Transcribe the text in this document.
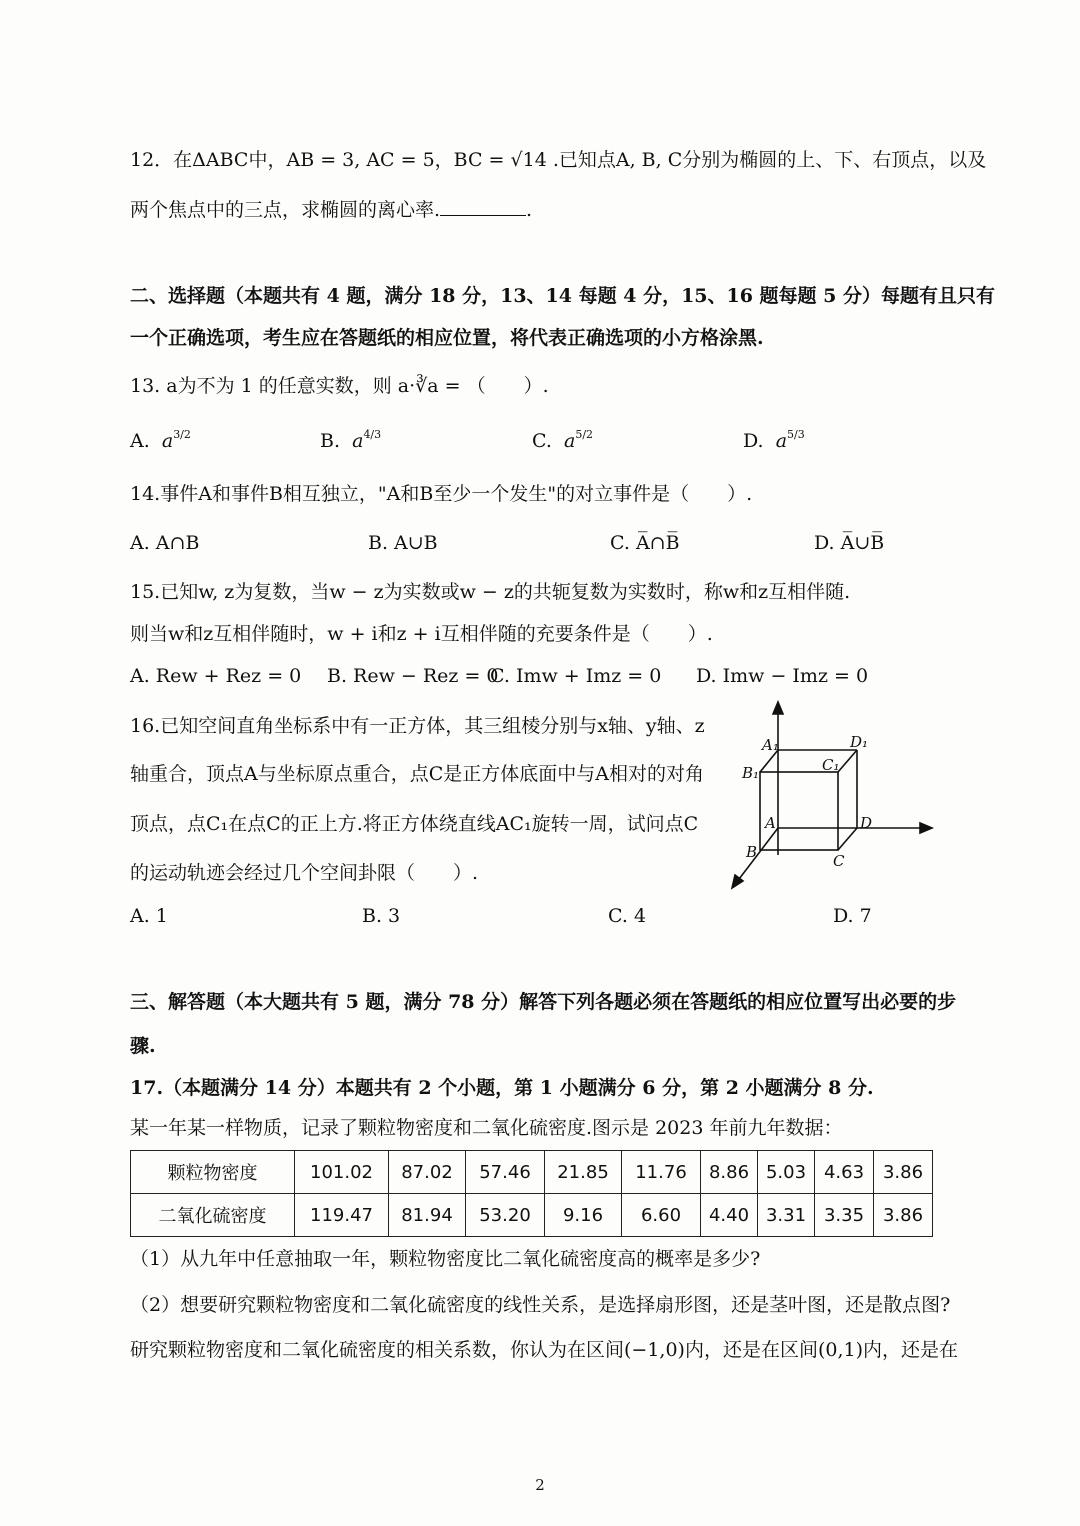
12．在ΔABC中，AB = 3, AC = 5，BC = √14 .已知点A, B, C分别为椭圆的上、下、右顶点，以及
两个焦点中的三点，求椭圆的离心率.	.
二、选择题（本题共有 4 题，满分 18 分，13、14 每题 4 分，15、16 题每题 5 分）每题有且只有
一个正确选项，考生应在答题纸的相应位置，将代表正确选项的小方格涂黑.
13. a为不为 1 的任意实数，则 a·∛a = （　　）.
A. $a^{3/2}$	B. $a^{4/3}$	C. $a^{5/2}$	D. $a^{5/3}$
14.事件A和事件B相互独立，"A和B至少一个发生"的对立事件是（　　）.
A. A∩B	B. A∪B	C. A̅∩B̅	D. A̅∪B̅
15.已知w, z为复数，当w − z为实数或w − z的共轭复数为实数时，称w和z互相伴随.
则当w和z互相伴随时，w + i和z + i互相伴随的充要条件是（　　）.
A. Rew + Rez = 0 B. Rew − Rez = 0
C. Imw + Imz = 0 D. Imw − Imz = 0
16.已知空间直角坐标系中有一正方体，其三组棱分别与x轴、y轴、z
轴重合，顶点A与坐标原点重合，点C是正方体底面中与A相对的对角
顶点，点C₁在点C的正上方.将正方体绕直线AC₁旋转一周，试问点C
的运动轨迹会经过几个空间卦限（　　）.
A. 1	B. 3	C. 4	D. 7
A₁	D₁
B₁	C₁
A	D
B	C
三、解答题（本大题共有 5 题，满分 78 分）解答下列各题必须在答题纸的相应位置写出必要的步
骤.
17.（本题满分 14 分）本题共有 2 个小题，第 1 小题满分 6 分，第 2 小题满分 8 分.
某一年某一样物质，记录了颗粒物密度和二氧化硫密度.图示是 2023 年前九年数据：
颗粒物密度	101.02	87.02	57.46	21.85	11.76	8.86	5.03	4.63	3.86
二氧化硫密度	119.47	81.94	53.20	9.16	6.60	4.40	3.31	3.35	3.86
（1）从九年中任意抽取一年，颗粒物密度比二氧化硫密度高的概率是多少?
（2）想要研究颗粒物密度和二氧化硫密度的线性关系，是选择扇形图，还是茎叶图，还是散点图?
研究颗粒物密度和二氧化硫密度的相关系数，你认为在区间(−1,0)内，还是在区间(0,1)内，还是在
2
